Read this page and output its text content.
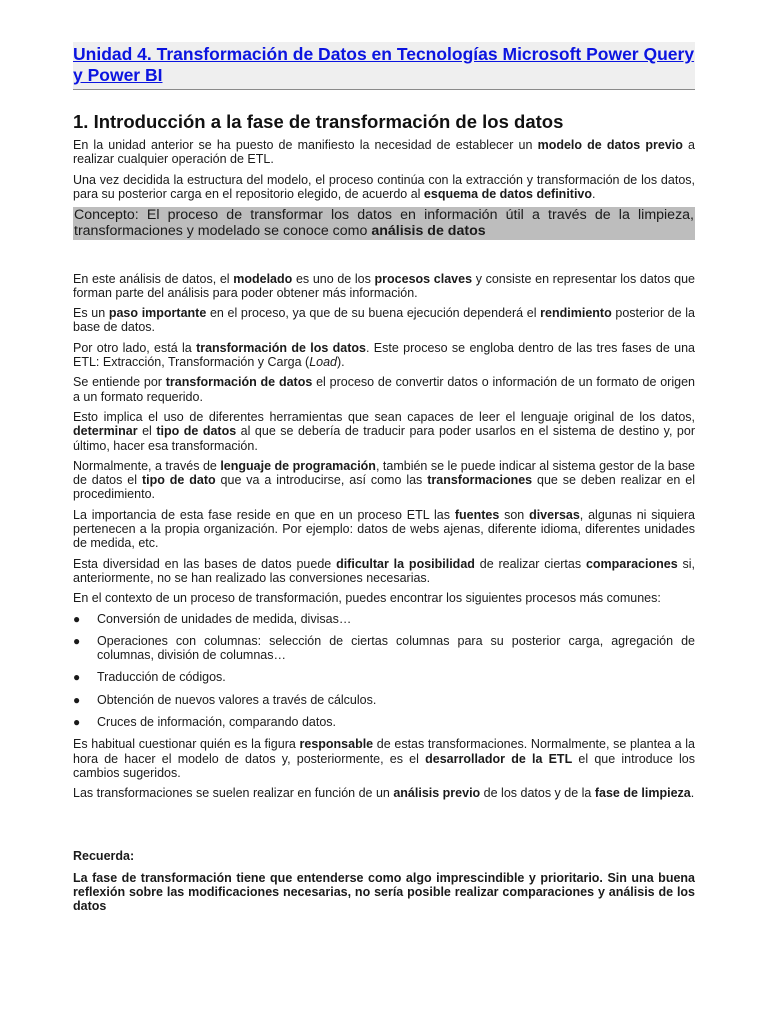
Unidad 4. Transformación de Datos en Tecnologías Microsoft Power Query y Power BI
1. Introducción a la fase de transformación de los datos

En la unidad anterior se ha puesto de manifiesto la necesidad de establecer un modelo de datos previo a realizar cualquier operación de ETL.

Una vez decidida la estructura del modelo, el proceso continúa con la extracción y transformación de los datos, para su posterior carga en el repositorio elegido, de acuerdo al esquema de datos definitivo.

Concepto: El proceso de transformar los datos en información útil a través de la limpieza, transformaciones y modelado se conoce como análisis de datos

En este análisis de datos, el modelado es uno de los procesos claves y consiste en representar los datos que forman parte del análisis para poder obtener más información.

Es un paso importante en el proceso, ya que de su buena ejecución dependerá el rendimiento posterior de la base de datos.

Por otro lado, está la transformación de los datos. Este proceso se engloba dentro de las tres fases de una ETL: Extracción, Transformación y Carga (Load).

Se entiende por transformación de datos el proceso de convertir datos o información de un formato de origen a un formato requerido.

Esto implica el uso de diferentes herramientas que sean capaces de leer el lenguaje original de los datos, determinar el tipo de datos al que se debería de traducir para poder usarlos en el sistema de destino y, por último, hacer esa transformación.

Normalmente, a través de lenguaje de programación, también se le puede indicar al sistema gestor de la base de datos el tipo de dato que va a introducirse, así como las transformaciones que se deben realizar en el procedimiento.

La importancia de esta fase reside en que en un proceso ETL las fuentes son diversas, algunas ni siquiera pertenecen a la propia organización. Por ejemplo: datos de webs ajenas, diferente idioma, diferentes unidades de medida, etc.

Esta diversidad en las bases de datos puede dificultar la posibilidad de realizar ciertas comparaciones si, anteriormente, no se han realizado las conversiones necesarias.

En el contexto de un proceso de transformación, puedes encontrar los siguientes procesos más comunes:

● Conversión de unidades de medida, divisas…
● Operaciones con columnas: selección de ciertas columnas para su posterior carga, agregación de columnas, división de columnas…
● Traducción de códigos.
● Obtención de nuevos valores a través de cálculos.
● Cruces de información, comparando datos.

Es habitual cuestionar quién es la figura responsable de estas transformaciones. Normalmente, se plantea a la hora de hacer el modelo de datos y, posteriormente, es el desarrollador de la ETL el que introduce los cambios sugeridos.

Las transformaciones se suelen realizar en función de un análisis previo de los datos y de la fase de limpieza.

Recuerda:

La fase de transformación tiene que entenderse como algo imprescindible y prioritario. Sin una buena reflexión sobre las modificaciones necesarias, no sería posible realizar comparaciones y análisis de los datos
